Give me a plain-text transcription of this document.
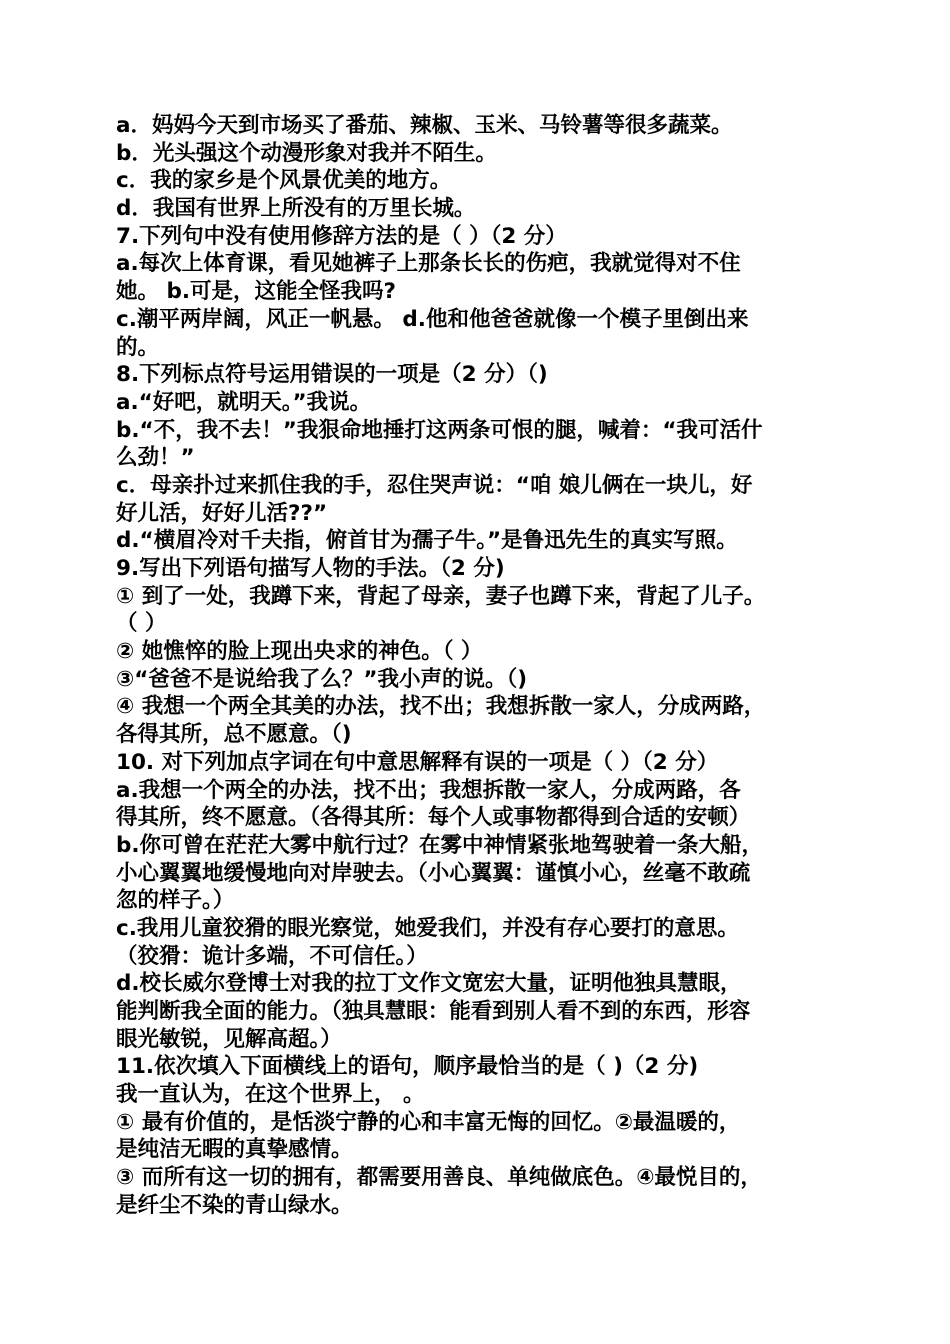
a．妈妈今天到市场买了番茄、辣椒、玉米、马铃薯等很多蔬菜。
b．光头强这个动漫形象对我并不陌生。
c．我的家乡是个风景优美的地方。
d．我国有世界上所没有的万里长城。
7.下列句中没有使用修辞方法的是（ ）（2 分）
a.每次上体育课，看见她裤子上那条长长的伤疤，我就觉得对不住
她。 b.可是，这能全怪我吗?
c.潮平两岸阔，风正一帆悬。 d.他和他爸爸就像一个模子里倒出来
的。
8.下列标点符号运用错误的一项是（2 分）（)
a.“好吧，就明天。”我说。
b.“不，我不去！”我狠命地捶打这两条可恨的腿，喊着：“我可活什
么劲！”
c．母亲扑过来抓住我的手，忍住哭声说：“咱 娘儿俩在一块儿，好
好儿活，好好儿活??”
d.“横眉冷对千夫指，俯首甘为孺子牛。”是鲁迅先生的真实写照。
9.写出下列语句描写人物的手法。（2 分)
① 到了一处，我蹲下来，背起了母亲，妻子也蹲下来，背起了儿子。
（ ）
② 她憔悴的脸上现出央求的神色。（ ）
③“爸爸不是说给我了么？”我小声的说。（)
④ 我想一个两全其美的办法，找不出；我想拆散一家人，分成两路，
各得其所，总不愿意。（)
10. 对下列加点字词在句中意思解释有误的一项是（ ）（2 分）
a.我想一个两全的办法，找不出；我想拆散一家人，分成两路，各
得其所，终不愿意。（各得其所：每个人或事物都得到合适的安顿）
b.你可曾在茫茫大雾中航行过？在雾中神情紧张地驾驶着一条大船，
小心翼翼地缓慢地向对岸驶去。（小心翼翼：谨慎小心，丝毫不敢疏
忽的样子。）
c.我用儿童狡猾的眼光察觉，她爱我们，并没有存心要打的意思。
（狡猾：诡计多端，不可信任。）
d.校长威尔登博士对我的拉丁文作文宽宏大量，证明他独具慧眼，
能判断我全面的能力。（独具慧眼：能看到别人看不到的东西，形容
眼光敏锐，见解高超。）
11.依次填入下面横线上的语句，顺序最恰当的是（ )（2 分)
我一直认为，在这个世界上， 。
① 最有价值的，是恬淡宁静的心和丰富无悔的回忆。②最温暖的，
是纯洁无暇的真挚感情。
③ 而所有这一切的拥有，都需要用善良、单纯做底色。④最悦目的，
是纤尘不染的青山绿水。
